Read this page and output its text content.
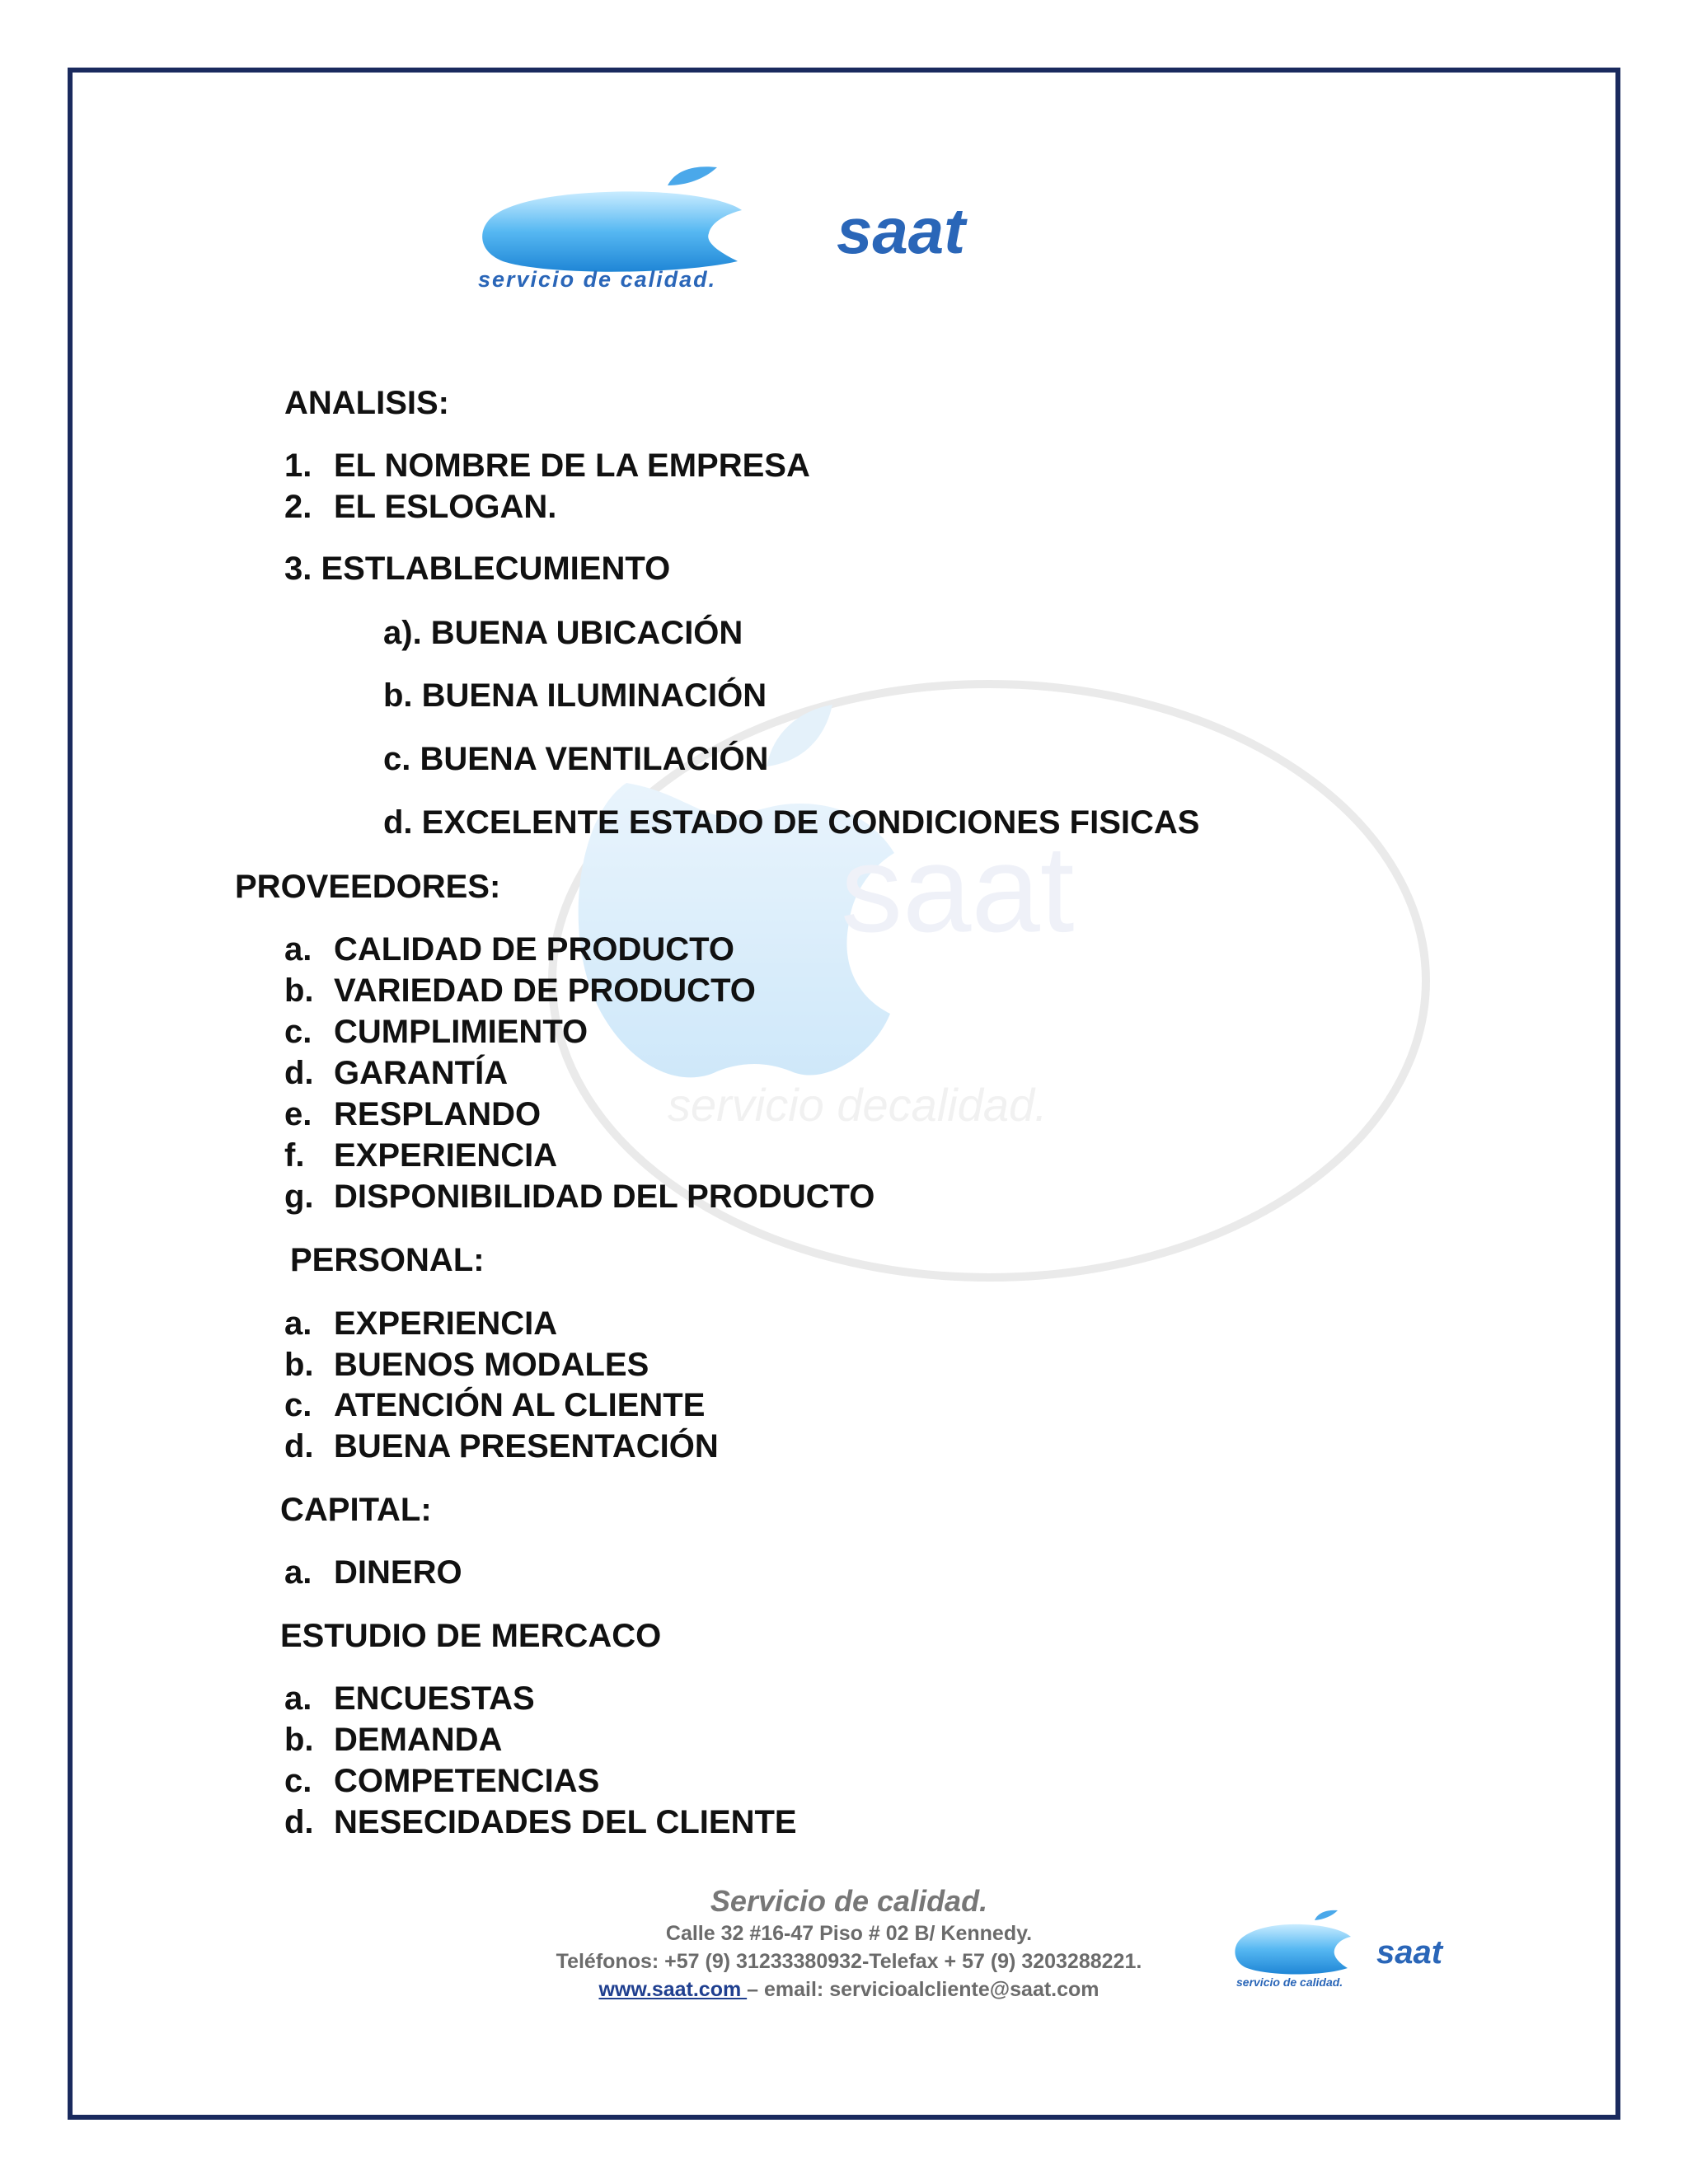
saat
servicio decalidad.
saat
servicio de calidad.
ANALISIS:
1. EL NOMBRE DE LA EMPRESA
2. EL ESLOGAN.
3. ESTLABLECUMIENTO
a). BUENA UBICACIÓN
b. BUENA ILUMINACIÓN
c. BUENA VENTILACIÓN
d. EXCELENTE ESTADO DE CONDICIONES FISICAS
PROVEEDORES:
a. CALIDAD DE PRODUCTO
b. VARIEDAD DE PRODUCTO
c. CUMPLIMIENTO
d. GARANTÍA
e. RESPLANDO
f. EXPERIENCIA
g. DISPONIBILIDAD DEL PRODUCTO
PERSONAL:
a. EXPERIENCIA
b. BUENOS MODALES
c. ATENCIÓN AL CLIENTE
d. BUENA PRESENTACIÓN
CAPITAL:
a. DINERO
ESTUDIO DE MERCACO
a. ENCUESTAS
b. DEMANDA
c. COMPETENCIAS
d. NESECIDADES DEL CLIENTE
Servicio de calidad.
Calle 32 #16-47 Piso # 02 B/ Kennedy.
Teléfonos: +57 (9) 31233380932-Telefax + 57 (9) 3203288221.
www.saat.com – email: servicioalcliente@saat.com
saat
servicio de calidad.
